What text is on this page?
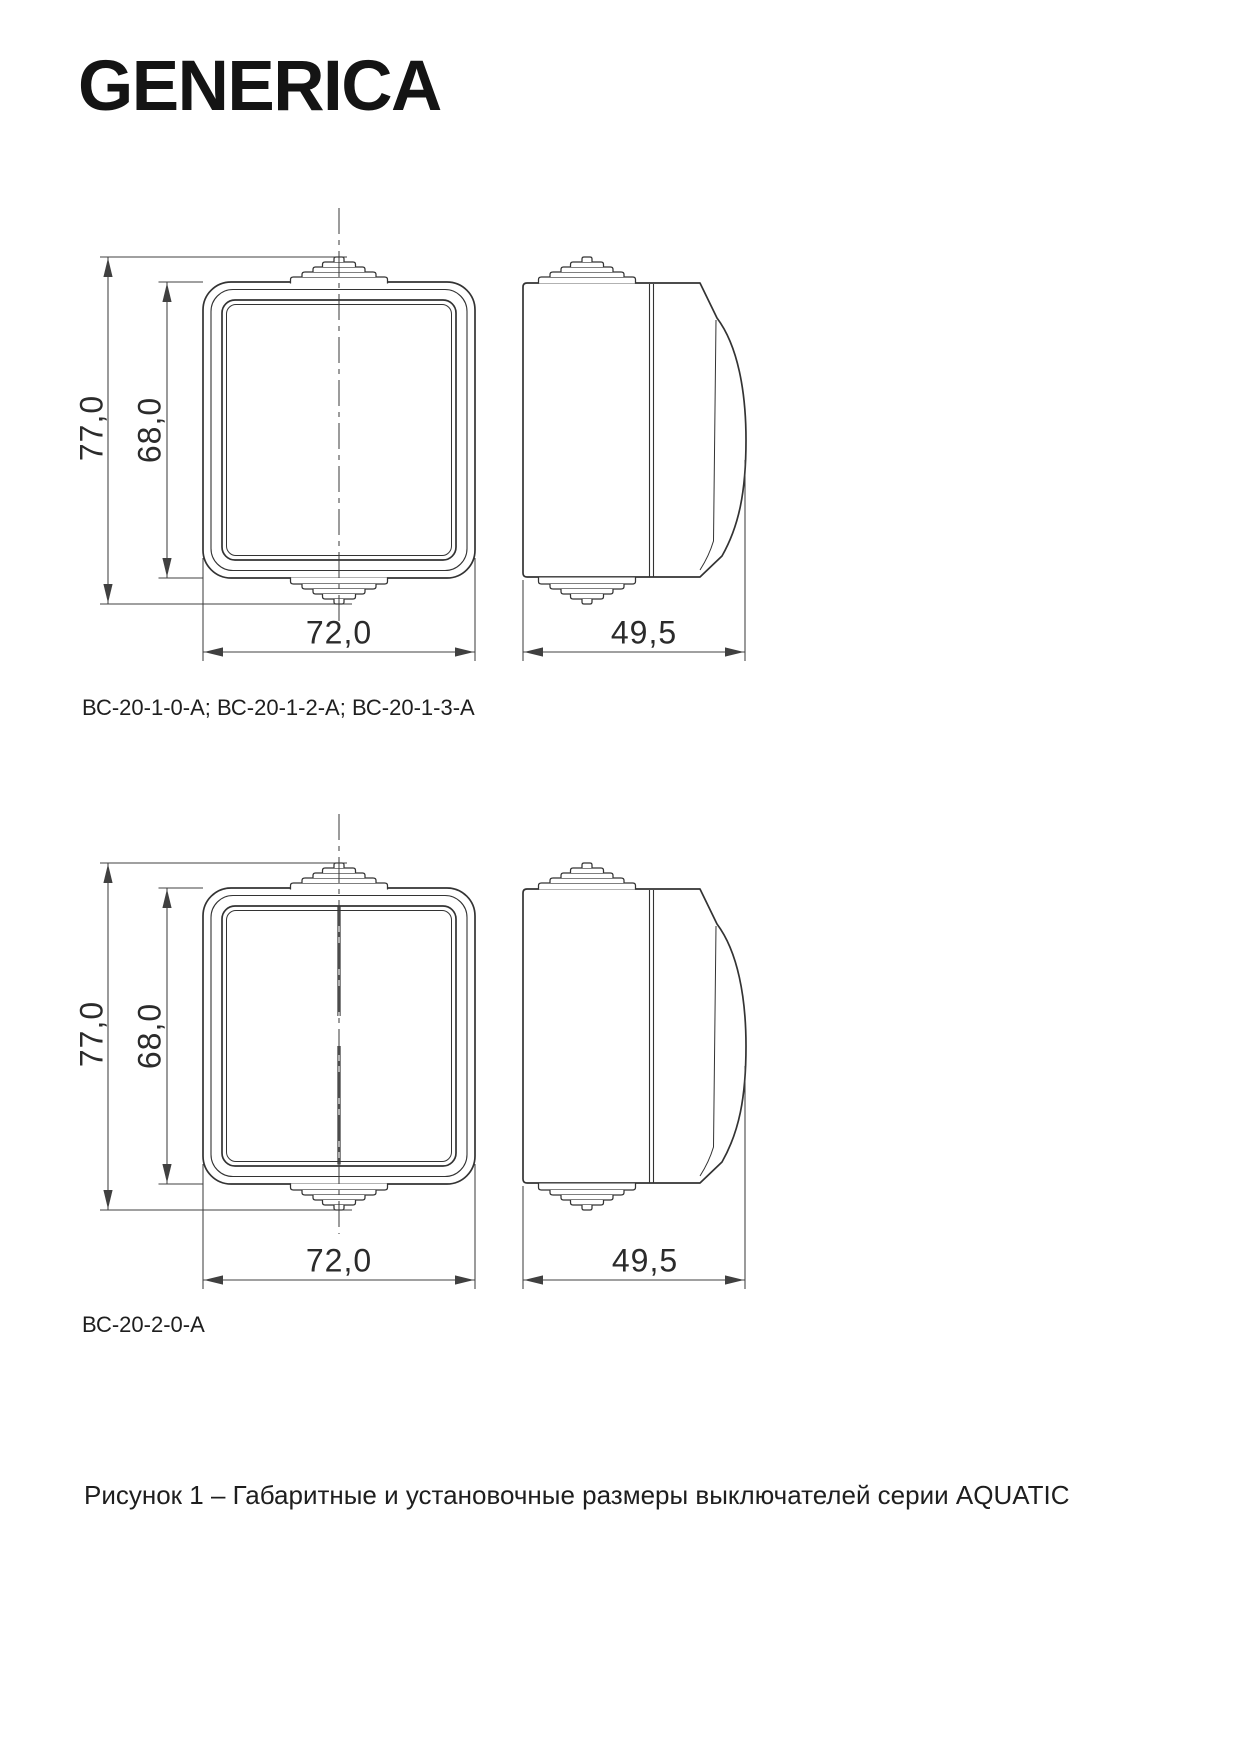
GENERICA
77,0 68,0
72,0	49,5
ВС-20-1-0-А; ВС-20-1-2-А; ВС-20-1-3-А
77,0 68,0
72,0	49,5
ВС-20-2-0-А
Рисунок 1 – Габаритные и установочные размеры выключателей серии AQUATIC
